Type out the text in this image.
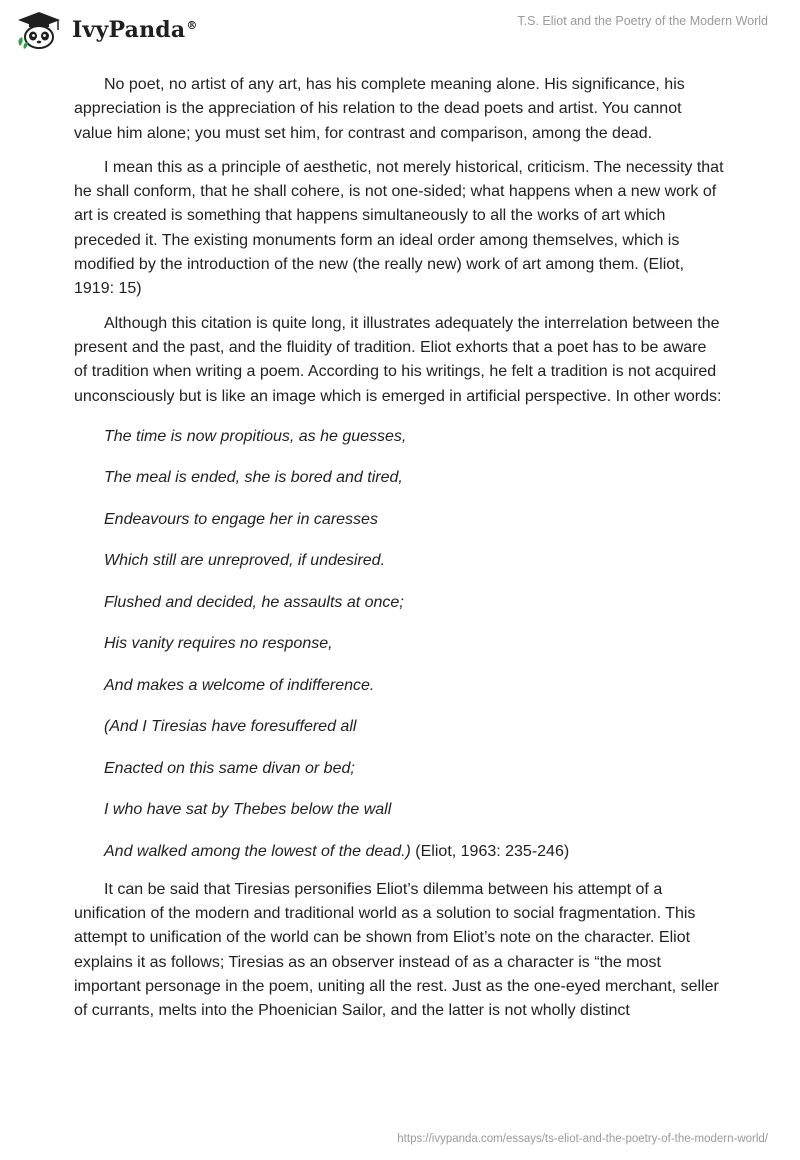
IvyPanda®	T.S. Eliot and the Poetry of the Modern World

No poet, no artist of any art, has his complete meaning alone. His significance, his appreciation is the appreciation of his relation to the dead poets and artist. You cannot value him alone; you must set him, for contrast and comparison, among the dead.

I mean this as a principle of aesthetic, not merely historical, criticism. The necessity that he shall conform, that he shall cohere, is not one-sided; what happens when a new work of art is created is something that happens simultaneously to all the works of art which preceded it. The existing monuments form an ideal order among themselves, which is modified by the introduction of the new (the really new) work of art among them. (Eliot, 1919: 15)

Although this citation is quite long, it illustrates adequately the interrelation between the present and the past, and the fluidity of tradition. Eliot exhorts that a poet has to be aware of tradition when writing a poem. According to his writings, he felt a tradition is not acquired unconsciously but is like an image which is emerged in artificial perspective. In other words:

The time is now propitious, as he guesses,

The meal is ended, she is bored and tired,

Endeavours to engage her in caresses

Which still are unreproved, if undesired.

Flushed and decided, he assaults at once;

His vanity requires no response,

And makes a welcome of indifference.

(And I Tiresias have foresuffered all

Enacted on this same divan or bed;

I who have sat by Thebes below the wall

And walked among the lowest of the dead.) (Eliot, 1963: 235-246)

It can be said that Tiresias personifies Eliot’s dilemma between his attempt of a unification of the modern and traditional world as a solution to social fragmentation. This attempt to unification of the world can be shown from Eliot’s note on the character. Eliot explains it as follows; Tiresias as an observer instead of as a character is “the most important personage in the poem, uniting all the rest. Just as the one-eyed merchant, seller of currants, melts into the Phoenician Sailor, and the latter is not wholly distinct

https://ivypanda.com/essays/ts-eliot-and-the-poetry-of-the-modern-world/
